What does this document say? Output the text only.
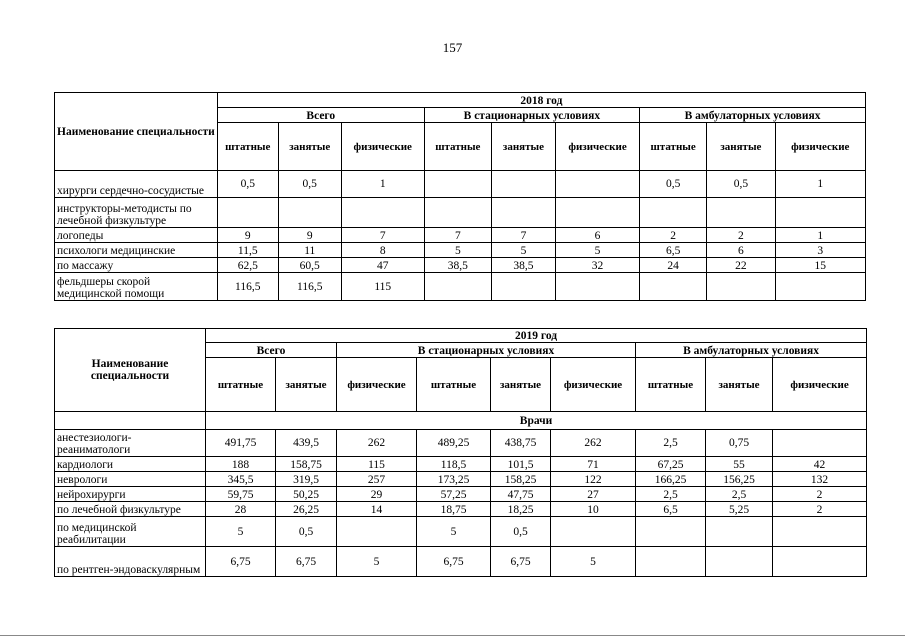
157
Наименование специальности	2018 год								
	Всего			В стационарных условиях			В амбулаторных условиях		
	штатные	занятые	физические	штатные	занятые	физические	штатные	занятые	физические
хирурги сердечно-сосудистые	0,5	0,5	1				0,5	0,5	1
инструкторы-методисты по лечебной физкультуре									
логопеды	9	9	7	7	7	6	2	2	1
психологи медицинские	11,5	11	8	5	5	5	6,5	6	3
по массажу	62,5	60,5	47	38,5	38,5	32	24	22	15
фельдшеры скорой медицинской помощи	116,5	116,5	115						
Наименование специальности	2019 год								
	Всего		В стационарных условиях				В амбулаторных условиях		
	штатные	занятые	физические	штатные	занятые	физические	штатные	занятые	физические
	Врачи								
анестезиологи-реаниматологи	491,75	439,5	262	489,25	438,75	262	2,5	0,75	
кардиологи	188	158,75	115	118,5	101,5	71	67,25	55	42
неврологи	345,5	319,5	257	173,25	158,25	122	166,25	156,25	132
нейрохирурги	59,75	50,25	29	57,25	47,75	27	2,5	2,5	2
по лечебной физкультуре	28	26,25	14	18,75	18,25	10	6,5	5,25	2
по медицинской реабилитации	5	0,5		5	0,5				
по рентген-эндоваскулярным	6,75	6,75	5	6,75	6,75	5			
